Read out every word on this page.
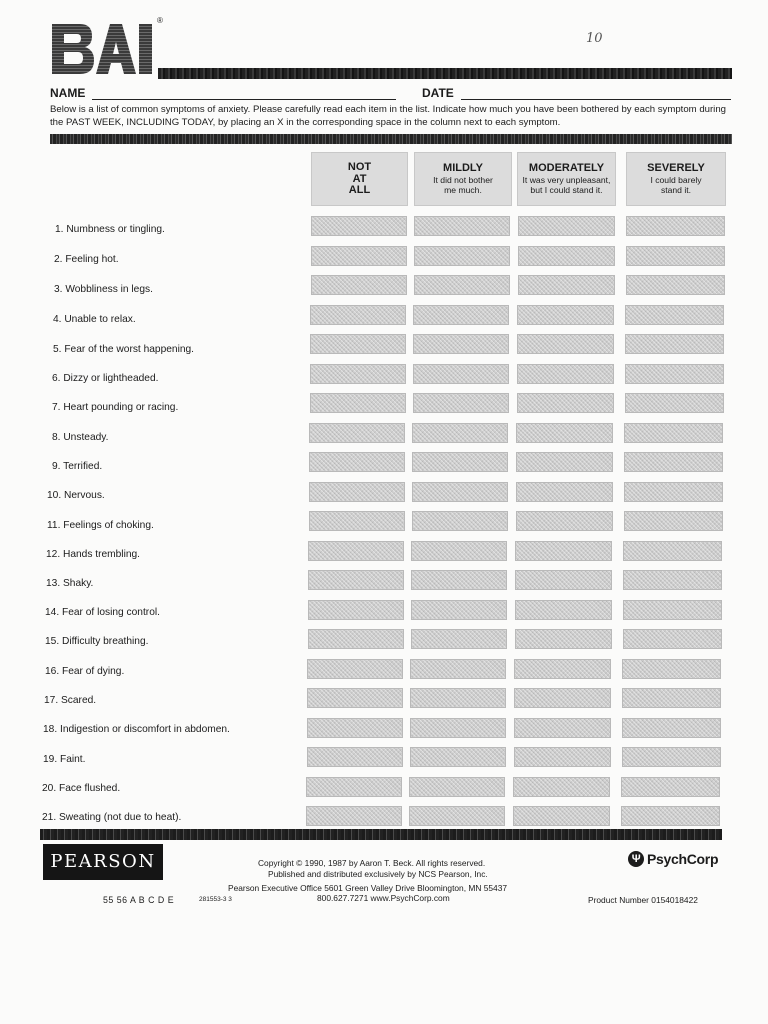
®
10
NAME	DATE
Below is a list of common symptoms of anxiety. Please carefully read each item in the list. Indicate how much you have been bothered by each symptom during the PAST WEEK, INCLUDING TODAY, by placing an X in the corresponding space in the column next to each symptom.
NOT
AT
ALL
MILDLY
It did not bother me much.
MODERATELY
It was very unpleasant, but I could stand it.
SEVERELY
I could barely stand it.
1. Numbness or tingling.
2. Feeling hot.
3. Wobbliness in legs.
4. Unable to relax.
5. Fear of the worst happening.
6. Dizzy or lightheaded.
7. Heart pounding or racing.
8. Unsteady.
9. Terrified.
10. Nervous.
11. Feelings of choking.
12. Hands trembling.
13. Shaky.
14. Fear of losing control.
15. Difficulty breathing.
16. Fear of dying.
17. Scared.
18. Indigestion or discomfort in abdomen.
19. Faint.
20. Face flushed.
21. Sweating (not due to heat).
PEARSON	Copyright © 1990, 1987 by Aaron T. Beck. All rights reserved.
Published and distributed exclusively by NCS Pearson, Inc.
Pearson Executive Office 5601 Green Valley Drive Bloomington, MN 55437
800.627.7271 www.PsychCorp.com
55 56 A B C D E	281553-3 3
Ψ PsychCorp
Product Number 0154018422
